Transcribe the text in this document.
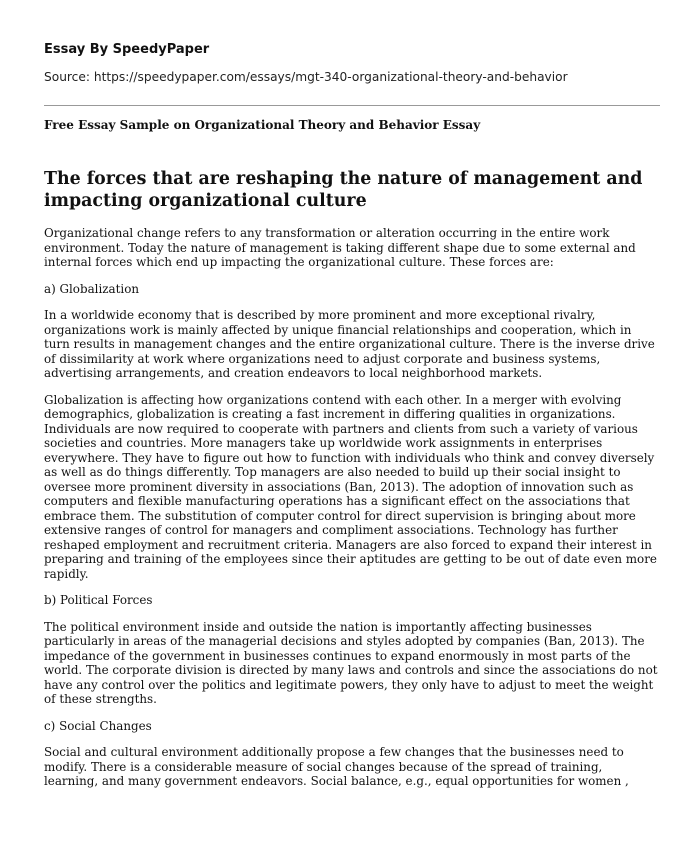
Essay By SpeedyPaper
Source: https://speedypaper.com/essays/mgt-340-organizational-theory-and-behavior
Free Essay Sample on Organizational Theory and Behavior Essay
The forces that are reshaping the nature of management and impacting organizational culture

Organizational change refers to any transformation or alteration occurring in the entire work environment. Today the nature of management is taking different shape due to some external and internal forces which end up impacting the organizational culture. These forces are:

a) Globalization

In a worldwide economy that is described by more prominent and more exceptional rivalry, organizations work is mainly affected by unique financial relationships and cooperation, which in turn results in management changes and the entire organizational culture. There is the inverse drive of dissimilarity at work where organizations need to adjust corporate and business systems, advertising arrangements, and creation endeavors to local neighborhood markets.

Globalization is affecting how organizations contend with each other. In a merger with evolving demographics, globalization is creating a fast increment in differing qualities in organizations. Individuals are now required to cooperate with partners and clients from such a variety of various societies and countries. More managers take up worldwide work assignments in enterprises everywhere. They have to figure out how to function with individuals who think and convey diversely as well as do things differently. Top managers are also needed to build up their social insight to oversee more prominent diversity in associations (Ban, 2013). The adoption of innovation such as computers and flexible manufacturing operations has a significant effect on the associations that embrace them. The substitution of computer control for direct supervision is bringing about more extensive ranges of control for managers and compliment associations. Technology has further reshaped employment and recruitment criteria. Managers are also forced to expand their interest in preparing and training of the employees since their aptitudes are getting to be out of date even more rapidly.

b) Political Forces

The political environment inside and outside the nation is importantly affecting businesses particularly in areas of the managerial decisions and styles adopted by companies (Ban, 2013). The impedance of the government in businesses continues to expand enormously in most parts of the world. The corporate division is directed by many laws and controls and since the associations do not have any control over the politics and legitimate powers, they only have to adjust to meet the weight of these strengths.

c) Social Changes

Social and cultural environment additionally propose a few changes that the businesses need to modify. There is a considerable measure of social changes because of the spread of training, learning, and many government endeavors. Social balance, e.g., equal opportunities for women ,
